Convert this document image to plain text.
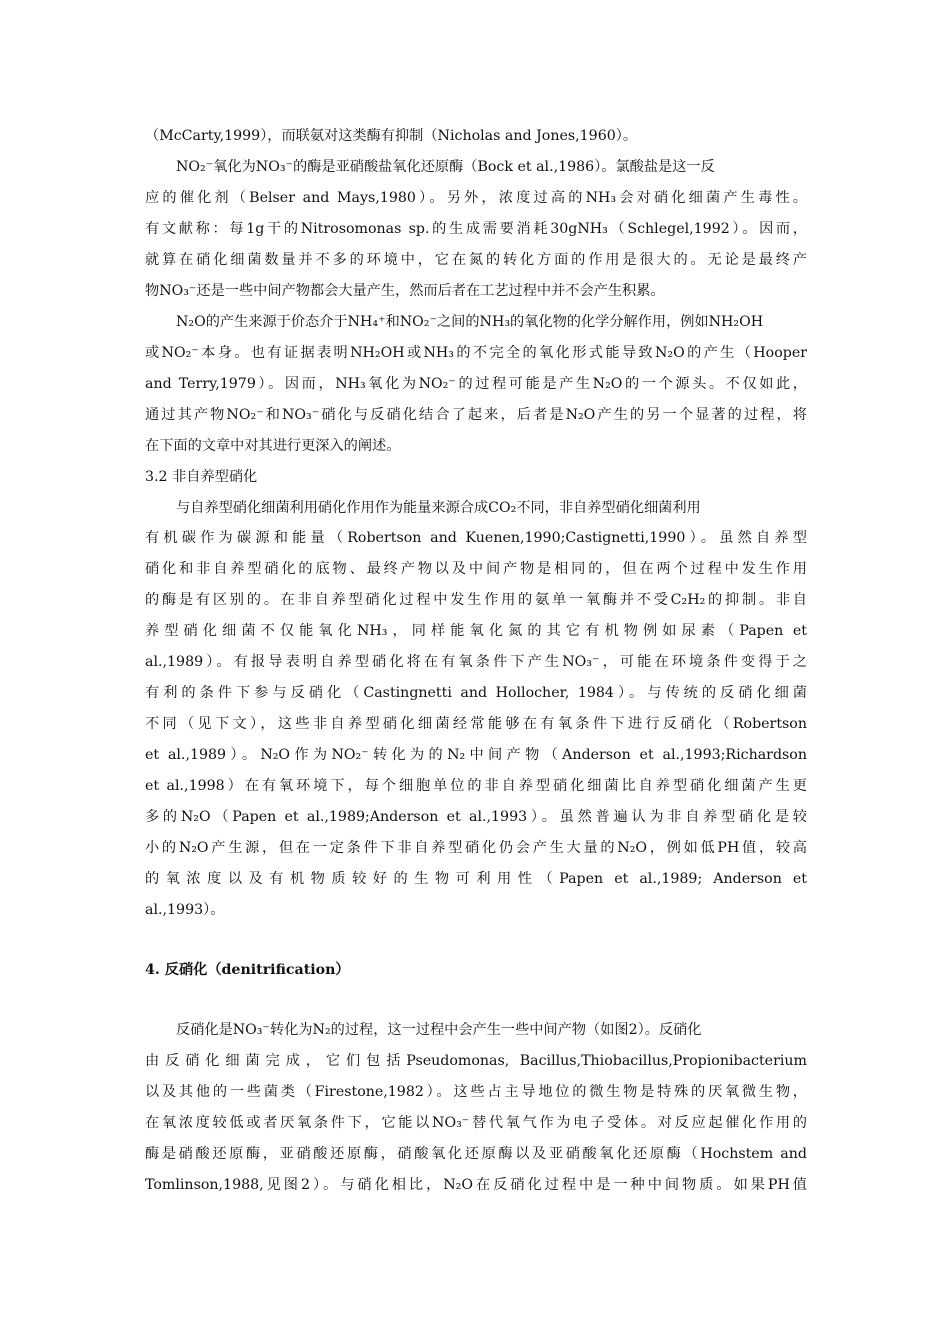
（McCarty,1999），而联氨对这类酶有抑制（Nicholas and Jones,1960）。
NO₂⁻氧化为NO₃⁻的酶是亚硝酸盐氧化还原酶（Bock et al.,1986）。氯酸盐是这一反
应的催化剂（Belser and Mays,1980）。另外，浓度过高的NH₃会对硝化细菌产生毒性。
有文献称：每1g干的Nitrosomonas sp.的生成需要消耗30gNH₃（Schlegel,1992）。因而，
就算在硝化细菌数量并不多的环境中，它在氮的转化方面的作用是很大的。无论是最终产
物NO₃⁻还是一些中间产物都会大量产生，然而后者在工艺过程中并不会产生积累。
N₂O的产生来源于价态介于NH₄⁺和NO₂⁻之间的NH₃的氧化物的化学分解作用，例如NH₂OH
或NO₂⁻本身。也有证据表明NH₂OH或NH₃的不完全的氧化形式能导致N₂O的产生（Hooper
and Terry,1979）。因而，NH₃氧化为NO₂⁻的过程可能是产生N₂O的一个源头。不仅如此，
通过其产物NO₂⁻和NO₃⁻硝化与反硝化结合了起来，后者是N₂O产生的另一个显著的过程，将
在下面的文章中对其进行更深入的阐述。
3.2 非自养型硝化
与自养型硝化细菌利用硝化作用作为能量来源合成CO₂不同，非自养型硝化细菌利用
有机碳作为碳源和能量（Robertson and Kuenen,1990;Castignetti,1990）。虽然自养型
硝化和非自养型硝化的底物、最终产物以及中间产物是相同的，但在两个过程中发生作用
的酶是有区别的。在非自养型硝化过程中发生作用的氨单一氧酶并不受C₂H₂的抑制。非自
养型硝化细菌不仅能氧化NH₃，同样能氧化氮的其它有机物例如尿素（Papen et
al.,1989）。有报导表明自养型硝化将在有氧条件下产生NO₃⁻，可能在环境条件变得于之
有利的条件下参与反硝化（Castingnetti and Hollocher, 1984）。与传统的反硝化细菌
不同（见下文），这些非自养型硝化细菌经常能够在有氧条件下进行反硝化（Robertson
et al.,1989）。N₂O作为NO₂⁻转化为的N₂中间产物（Anderson et al.,1993;Richardson
et al.,1998）在有氧环境下，每个细胞单位的非自养型硝化细菌比自养型硝化细菌产生更
多的N₂O（Papen et al.,1989;Anderson et al.,1993）。虽然普遍认为非自养型硝化是较
小的N₂O产生源，但在一定条件下非自养型硝化仍会产生大量的N₂O，例如低PH值，较高
的氧浓度以及有机物质较好的生物可利用性（Papen et al.,1989; Anderson et
al.,1993）。
4. 反硝化（denitrification）
反硝化是NO₃⁻转化为N₂的过程，这一过程中会产生一些中间产物（如图2）。反硝化
由反硝化细菌完成，它们包括Pseudomonas, Bacillus,Thiobacillus,Propionibacterium
以及其他的一些菌类（Firestone,1982）。这些占主导地位的微生物是特殊的厌氧微生物，
在氧浓度较低或者厌氧条件下，它能以NO₃⁻替代氧气作为电子受体。对反应起催化作用的
酶是硝酸还原酶，亚硝酸还原酶，硝酸氧化还原酶以及亚硝酸氧化还原酶（Hochstem and
Tomlinson,1988,见图2）。与硝化相比，N₂O在反硝化过程中是一种中间物质。如果PH值
